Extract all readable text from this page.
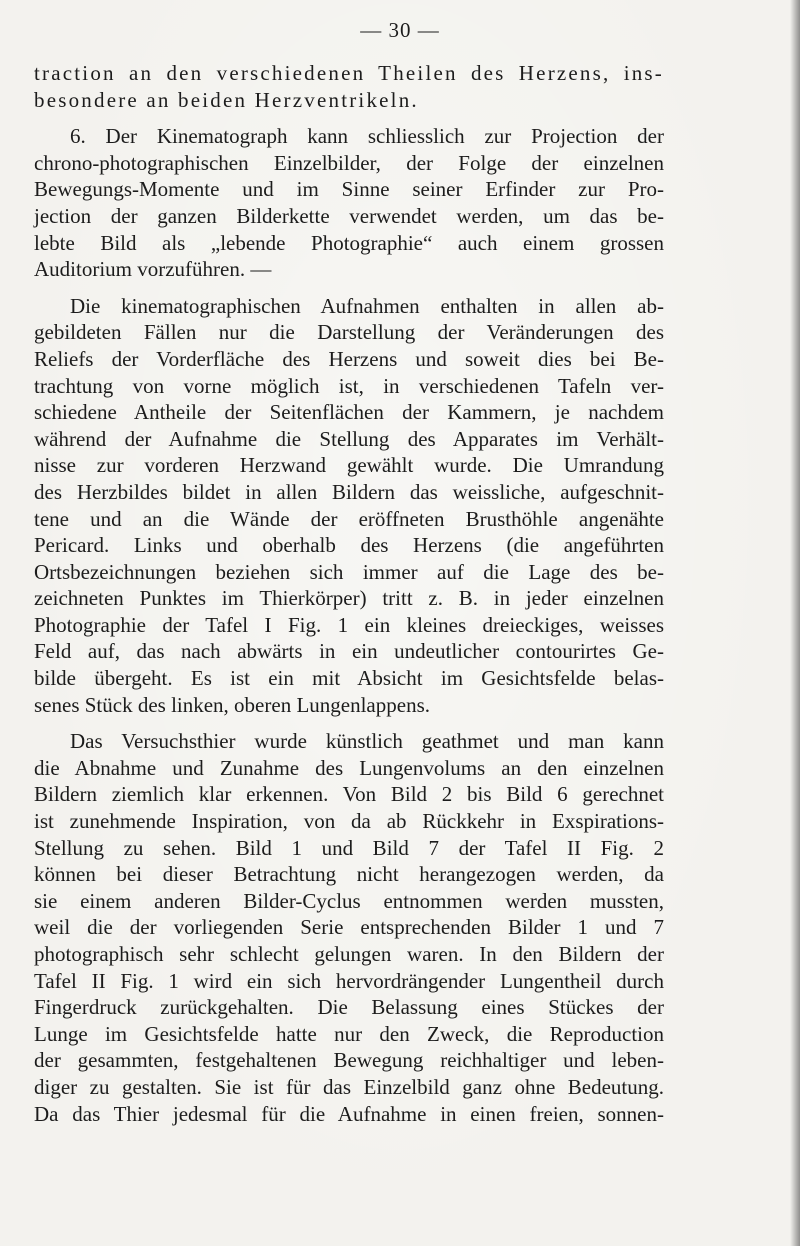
— 30 —
traction an den verschiedenen Theilen des Herzens, ins-
besondere an beiden Herzventrikeln.
6. Der Kinematograph kann schliesslich zur Projection der
chrono-photographischen Einzelbilder, der Folge der einzelnen
Bewegungs-Momente und im Sinne seiner Erfinder zur Pro-
jection der ganzen Bilderkette verwendet werden, um das be-
lebte Bild als „lebende Photographie“ auch einem grossen
Auditorium vorzuführen. —
Die kinematographischen Aufnahmen enthalten in allen ab-
gebildeten Fällen nur die Darstellung der Veränderungen des
Reliefs der Vorderfläche des Herzens und soweit dies bei Be-
trachtung von vorne möglich ist, in verschiedenen Tafeln ver-
schiedene Antheile der Seitenflächen der Kammern, je nachdem
während der Aufnahme die Stellung des Apparates im Verhält-
nisse zur vorderen Herzwand gewählt wurde. Die Umrandung
des Herzbildes bildet in allen Bildern das weissliche, aufgeschnit-
tene und an die Wände der eröffneten Brusthöhle angenähte
Pericard. Links und oberhalb des Herzens (die angeführten
Ortsbezeichnungen beziehen sich immer auf die Lage des be-
zeichneten Punktes im Thierkörper) tritt z. B. in jeder einzelnen
Photographie der Tafel I Fig. 1 ein kleines dreieckiges, weisses
Feld auf, das nach abwärts in ein undeutlicher contourirtes Ge-
bilde übergeht. Es ist ein mit Absicht im Gesichtsfelde belas-
senes Stück des linken, oberen Lungenlappens.
Das Versuchsthier wurde künstlich geathmet und man kann
die Abnahme und Zunahme des Lungenvolums an den einzelnen
Bildern ziemlich klar erkennen. Von Bild 2 bis Bild 6 gerechnet
ist zunehmende Inspiration, von da ab Rückkehr in Exspirations-
Stellung zu sehen. Bild 1 und Bild 7 der Tafel II Fig. 2
können bei dieser Betrachtung nicht herangezogen werden, da
sie einem anderen Bilder-Cyclus entnommen werden mussten,
weil die der vorliegenden Serie entsprechenden Bilder 1 und 7
photographisch sehr schlecht gelungen waren. In den Bildern der
Tafel II Fig. 1 wird ein sich hervordrängender Lungentheil durch
Fingerdruck zurückgehalten. Die Belassung eines Stückes der
Lunge im Gesichtsfelde hatte nur den Zweck, die Reproduction
der gesammten, festgehaltenen Bewegung reichhaltiger und leben-
diger zu gestalten. Sie ist für das Einzelbild ganz ohne Bedeutung.
Da das Thier jedesmal für die Aufnahme in einen freien, sonnen-
